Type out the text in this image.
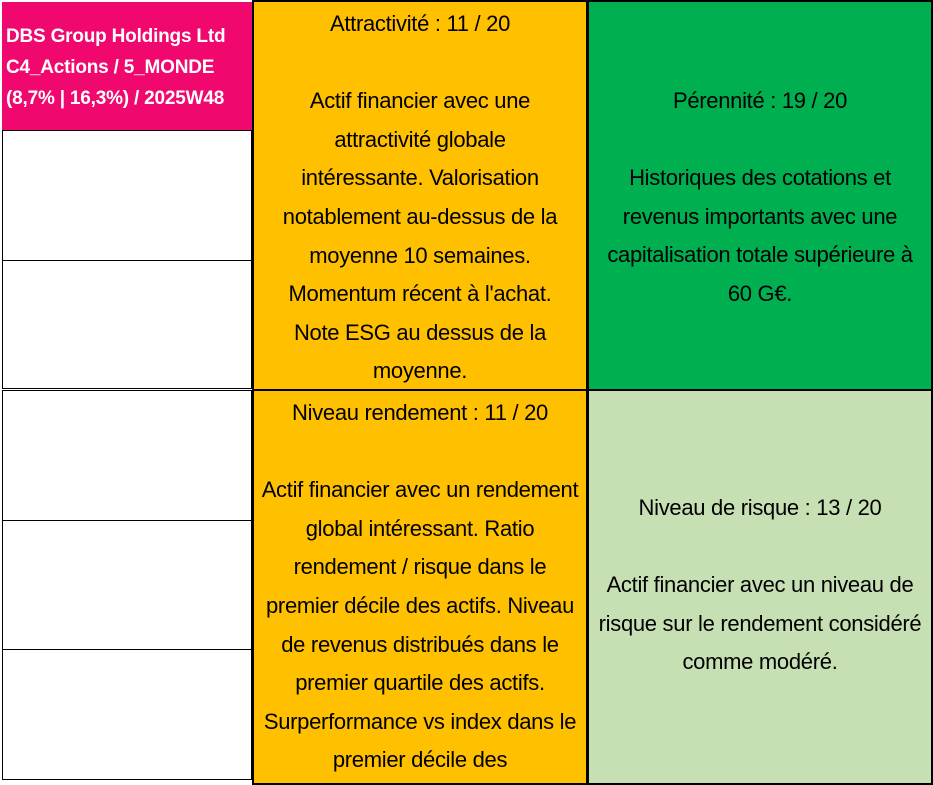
DBS Group Holdings Ltd
C4_Actions / 5_MONDE
(8,7% | 16,3%) / 2025W48
Attractivité : 11 / 20
Actif financier avec une attractivité globale intéressante. Valorisation notablement au-dessus de la moyenne 10 semaines. Momentum récent à l'achat. Note ESG au dessus de la moyenne.
Pérennité : 19 / 20
Historiques des cotations et revenus importants avec une capitalisation totale supérieure à 60 G€.
Niveau rendement : 11 / 20
Actif financier avec un rendement global intéressant. Ratio rendement / risque dans le premier décile des actifs. Niveau de revenus distribués dans le premier quartile des actifs. Surperformance vs index dans le premier décile des
Niveau de risque : 13 / 20
Actif financier avec un niveau de risque sur le rendement considéré comme modéré.
